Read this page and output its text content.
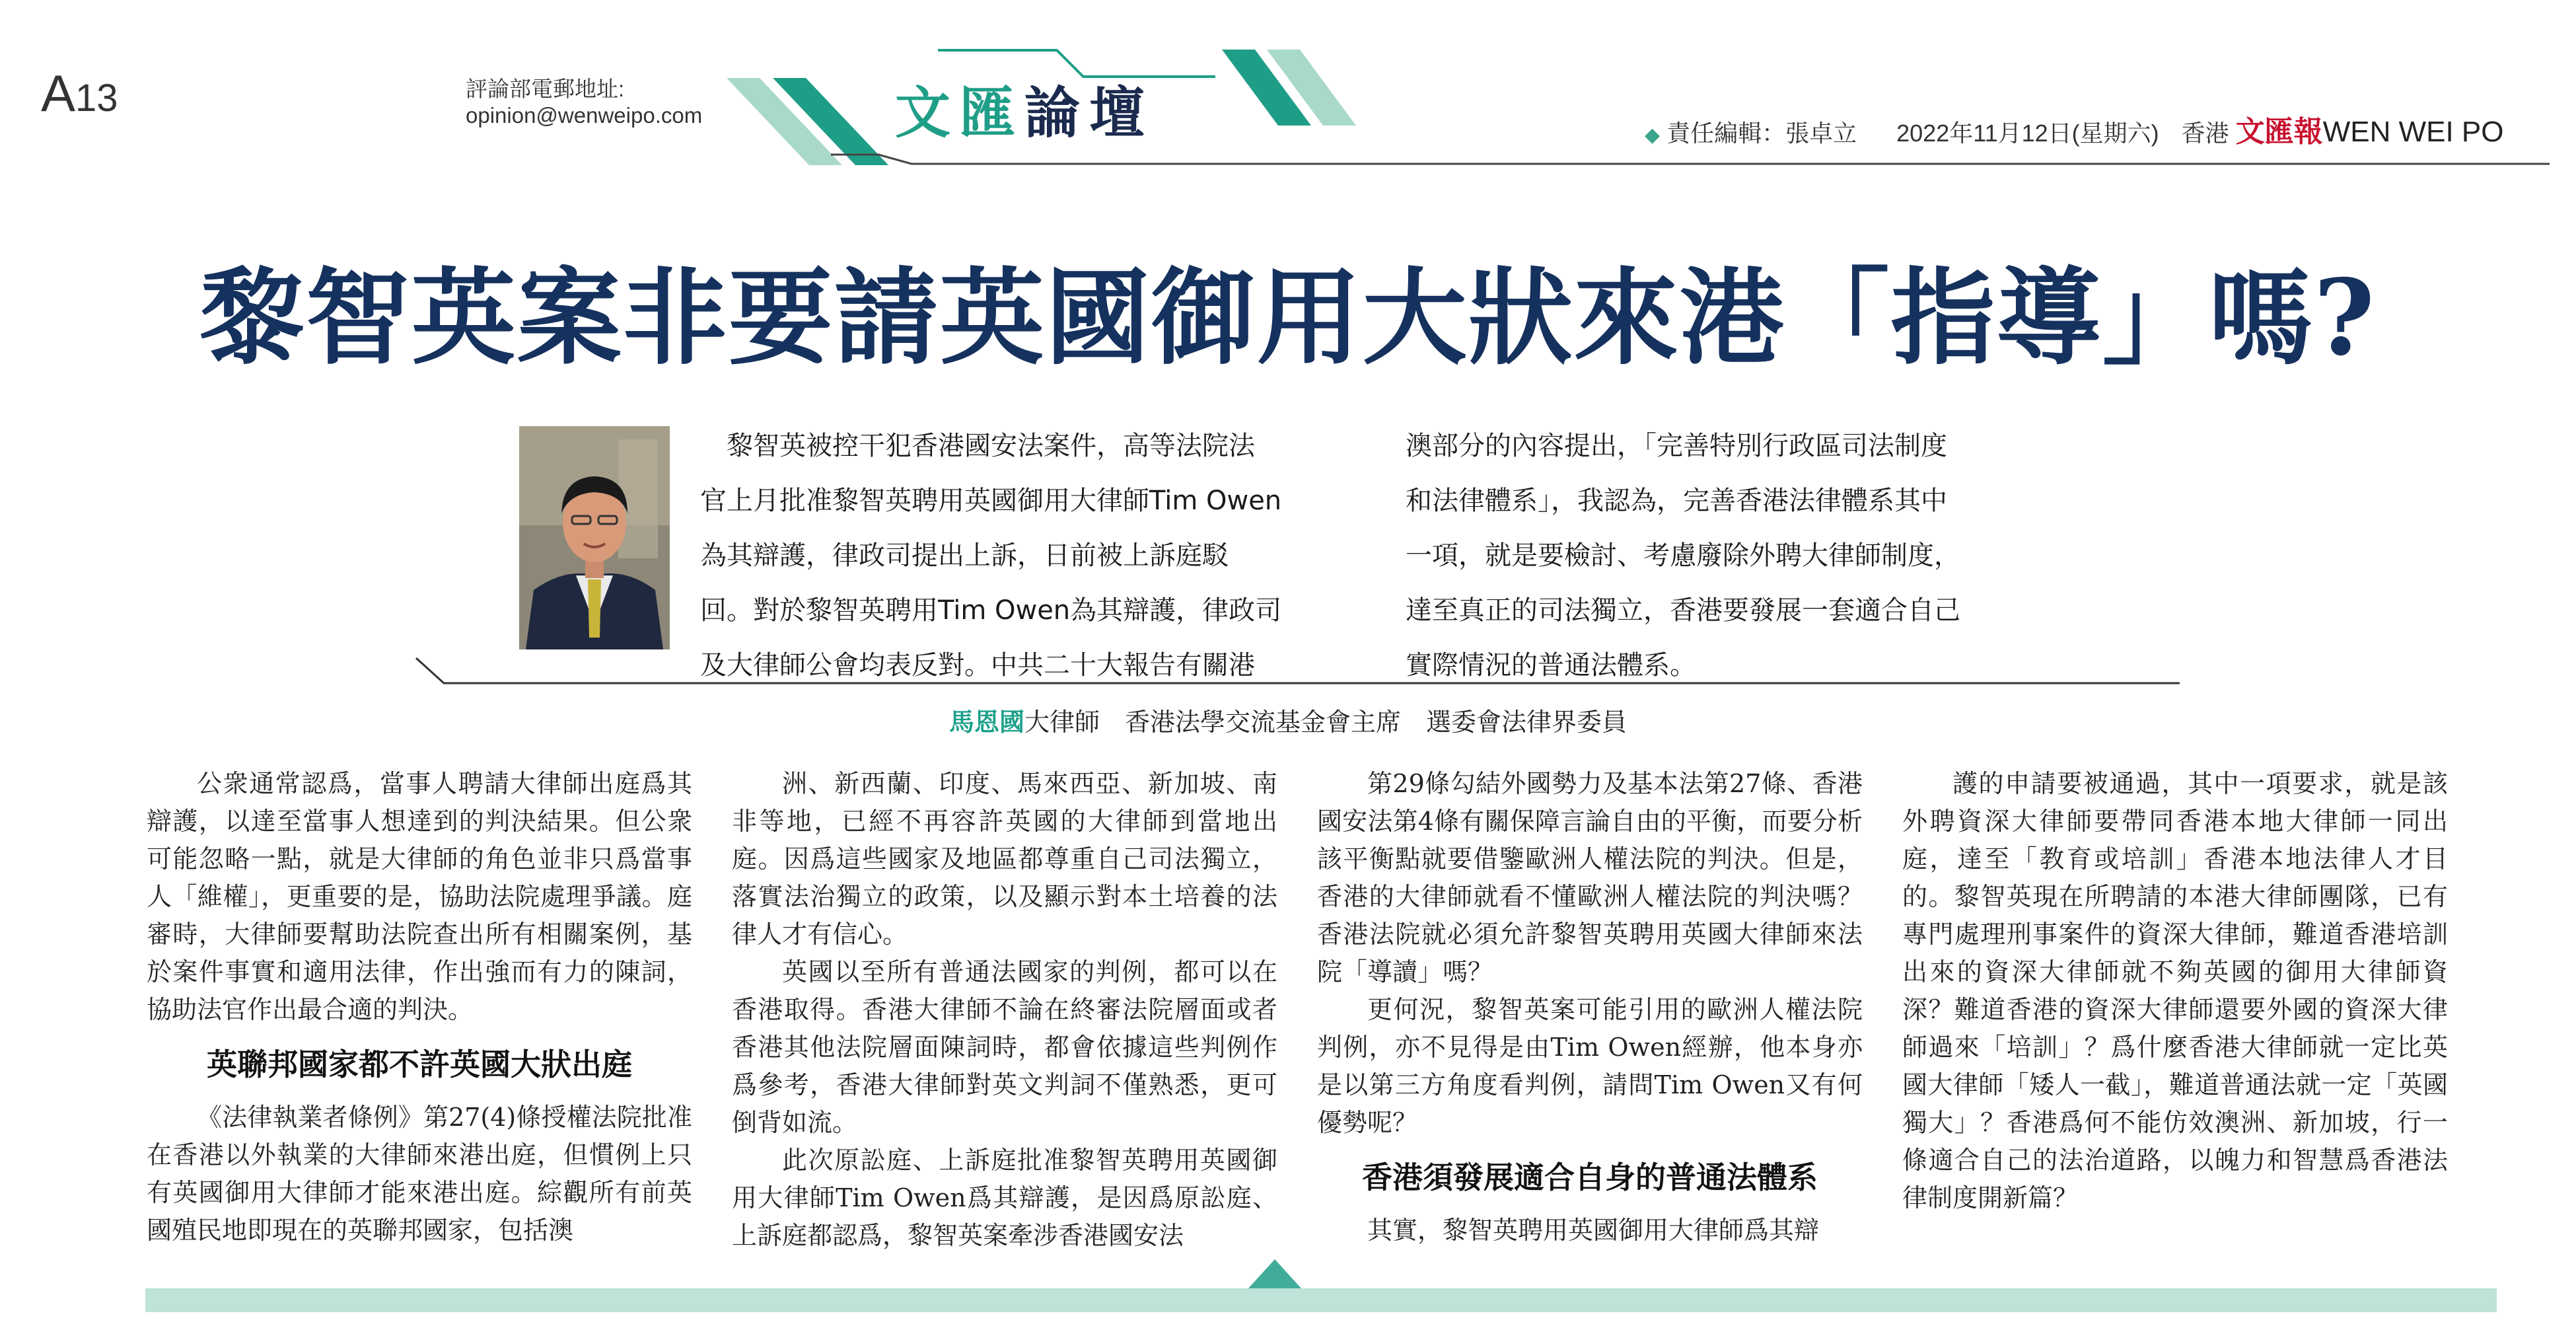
A13	評論部電郵地址:
opinion@wenweipo.com	文匯論壇	◆ 責任編輯：張卓立 2022年11月12日(星期六) 香港 文匯報WEN WEI PO
黎智英案非要請英國御用大狀來港「指導」嗎?
　黎智英被控干犯香港國安法案件，高等法院法
官上月批准黎智英聘用英國御用大律師Tim Owen
為其辯護，律政司提出上訴，日前被上訴庭駁
回。對於黎智英聘用Tim Owen為其辯護，律政司
及大律師公會均表反對。中共二十大報告有關港
澳部分的內容提出，「完善特別行政區司法制度
和法律體系」，我認為，完善香港法律體系其中
一項，就是要檢討、考慮廢除外聘大律師制度，
達至真正的司法獨立，香港要發展一套適合自己
實際情況的普通法體系。
馬恩國大律師　香港法學交流基金會主席　選委會法律界委員

公衆通常認爲，當事人聘請大律師出庭爲其辯護，以達至當事人想達到的判決結果。但公衆可能忽略一點，就是大律師的角色並非只爲當事人「維權」，更重要的是，協助法院處理爭議。庭審時，大律師要幫助法院查出所有相關案例，基於案件事實和適用法律，作出強而有力的陳詞，協助法官作出最合適的判決。

英聯邦國家都不許英國大狀出庭

《法律執業者條例》第27(4)條授權法院批准在香港以外執業的大律師來港出庭，但慣例上只有英國御用大律師才能來港出庭。綜觀所有前英國殖民地即現在的英聯邦國家，包括澳

洲、新西蘭、印度、馬來西亞、新加坡、南非等地，已經不再容許英國的大律師到當地出庭。因爲這些國家及地區都尊重自己司法獨立，落實法治獨立的政策，以及顯示對本土培養的法律人才有信心。

英國以至所有普通法國家的判例，都可以在香港取得。香港大律師不論在終審法院層面或者香港其他法院層面陳詞時，都會依據這些判例作爲參考，香港大律師對英文判詞不僅熟悉，更可倒背如流。

此次原訟庭、上訴庭批准黎智英聘用英國御用大律師Tim Owen爲其辯護，是因爲原訟庭、上訴庭都認爲，黎智英案牽涉香港國安法

第29條勾結外國勢力及基本法第27條、香港國安法第4條有關保障言論自由的平衡，而要分析該平衡點就要借鑒歐洲人權法院的判決。但是，香港的大律師就看不懂歐洲人權法院的判決嗎？香港法院就必須允許黎智英聘用英國大律師來法院「導讀」嗎？

更何況，黎智英案可能引用的歐洲人權法院判例，亦不見得是由Tim Owen經辦，他本身亦是以第三方角度看判例，請問Tim Owen又有何優勢呢？

香港須發展適合自身的普通法體系

其實，黎智英聘用英國御用大律師爲其辯

護的申請要被通過，其中一項要求，就是該外聘資深大律師要帶同香港本地大律師一同出庭，達至「教育或培訓」香港本地法律人才目的。黎智英現在所聘請的本港大律師團隊，已有專門處理刑事案件的資深大律師，難道香港培訓出來的資深大律師就不夠英國的御用大律師資深？難道香港的資深大律師還要外國的資深大律師過來「培訓」？爲什麼香港大律師就一定比英國大律師「矮人一截」，難道普通法就一定「英國獨大」？香港爲何不能仿效澳洲、新加坡，行一條適合自己的法治道路，以魄力和智慧爲香港法律制度開新篇？
